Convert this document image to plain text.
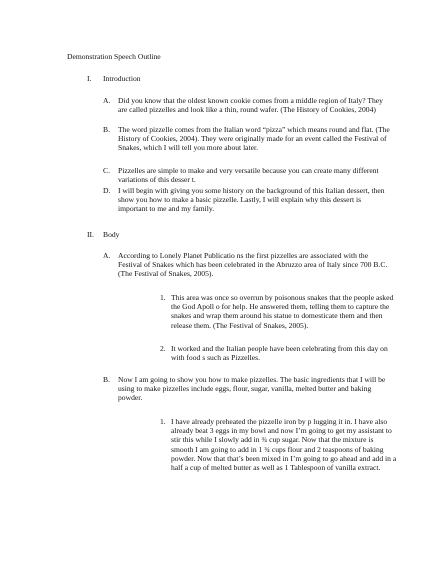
Demonstration Speech Outline

I. Introduction
A. Did you know that the oldest known cookie comes from a middle region of Italy? They are called pizzelles and look like a thin, round wafer. (The History of Cookies, 2004)

B. The word pizzelle comes from the Italian word “pizza” which means round and flat. (The History of Cookies, 2004). They were originally made for an event called the Festival of Snakes, which I will tell you more about later.

C. Pizzelles are simple to make and very versatile because you can create many different variations of this desser t.

D. I will begin with giving you some history on the background of this Italian dessert, then show you how to make a basic pizzelle. Lastly, I will explain why this dessert is important to me and my family.

II. Body
A. According to Lonely Planet Publicatio ns the first pizzelles are associated with the Festival of Snakes which has been celebrated in the Abruzzo area of Italy since 700 B.C. (The Festival of Snakes, 2005).

1. This area was once so overrun by poisonous snakes that the people asked the God Apoll o for help. He answered them, telling them to capture the snakes and wrap them around his statue to domesticate them and then release them. (The Festival of Snakes, 2005).

2. It worked and the Italian people have been celebrating from this day on with food s such as Pizzelles.

B. Now I am going to show you how to make pizzelles. The basic ingredients that I will be using to make pizzelles include eggs, flour, sugar, vanilla, melted butter and baking powder.

1. I have already preheated the pizzelle iron by p lugging it in. I have also already beat 3 eggs in my bowl and now I’m going to get my assistant to stir this while I slowly add in ¾ cup sugar. Now that the mixture is smooth I am going to add in 1 ¾ cups flour and 2 teaspoons of baking powder. Now that that’s been mixed in I’m going to go ahead and add in a half a cup of melted butter as well as 1 Tablespoon of vanilla extract.
